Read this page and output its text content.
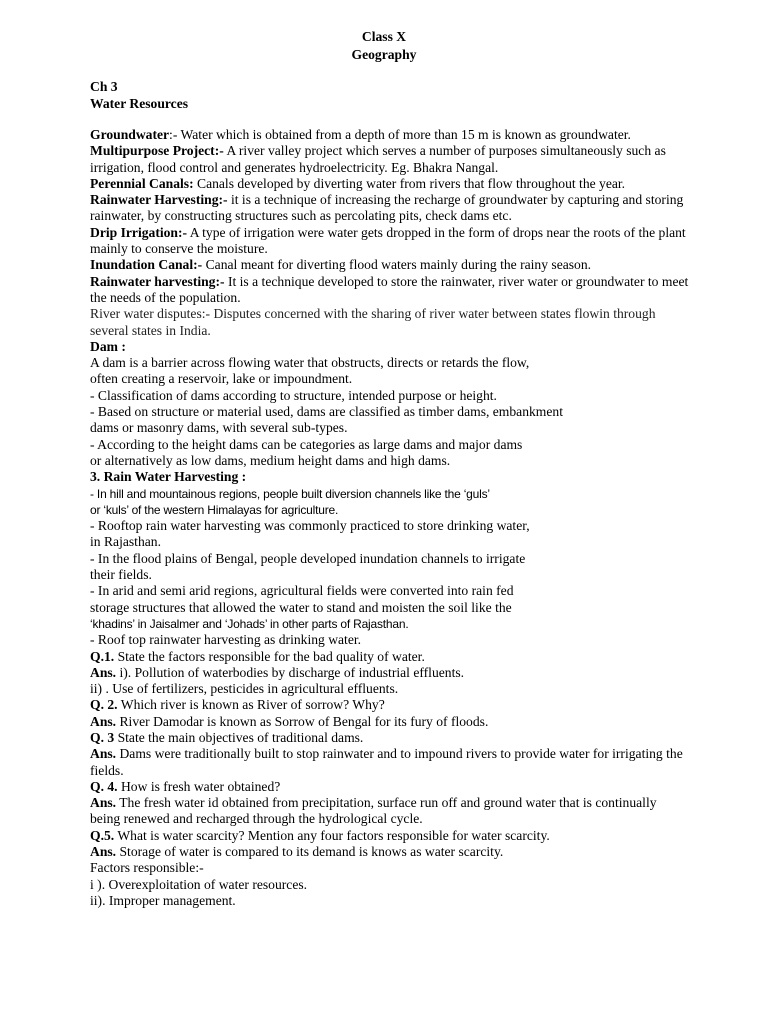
Class X
Geography
Ch 3
Water Resources

Groundwater:- Water which is obtained from a depth of more than 15 m is known as groundwater.

Multipurpose Project:- A river valley project which serves a number of purposes simultaneously such as irrigation, flood control and generates hydroelectricity. Eg. Bhakra Nangal.

Perennial Canals: Canals developed by diverting water from rivers that flow throughout the year.

Rainwater Harvesting:- it is a technique of increasing the recharge of groundwater by capturing and storing rainwater, by constructing structures such as percolating pits, check dams etc.

Drip Irrigation:- A type of irrigation were water gets dropped in the form of drops near the roots of the plant mainly to conserve the moisture.

Inundation Canal:- Canal meant for diverting flood waters mainly during the rainy season.

Rainwater harvesting:- It is a technique developed to store the rainwater, river water or groundwater to meet the needs of the population.

River water disputes:- Disputes concerned with the sharing of river water between states flowin through several states in India.

Dam :

A dam is a barrier across flowing water that obstructs, directs or retards the flow,
often creating a reservoir, lake or impoundment.
- Classification of dams according to structure, intended purpose or height.
- Based on structure or material used, dams are classified as timber dams, embankment
dams or masonry dams, with several sub-types.
- According to the height dams can be categories as large dams and major dams
or alternatively as low dams, medium height dams and high dams.

3. Rain Water Harvesting :

- In hill and mountainous regions, people built diversion channels like the ‘guls’
or ‘kuls’ of the western Himalayas for agriculture.
- Rooftop rain water harvesting was commonly practiced to store drinking water,
in Rajasthan.
- In the flood plains of Bengal, people developed inundation channels to irrigate
their fields.
- In arid and semi arid regions, agricultural fields were converted into rain fed
storage structures that allowed the water to stand and moisten the soil like the
‘khadins’ in Jaisalmer and ‘Johads’ in other parts of Rajasthan.
- Roof top rainwater harvesting as drinking water.

Q.1. State the factors responsible for the bad quality of water.

Ans. i). Pollution of waterbodies by discharge of industrial effluents.

ii) . Use of fertilizers, pesticides in agricultural effluents.

Q. 2. Which river is known as River of sorrow? Why?

Ans. River Damodar is known as Sorrow of Bengal for its fury of floods.

Q. 3 State the main objectives of traditional dams.

Ans. Dams were traditionally built to stop rainwater and to impound rivers to provide water for irrigating the fields.

Q. 4. How is fresh water obtained?

Ans. The fresh water id obtained from precipitation, surface run off and ground water that is continually being renewed and recharged through the hydrological cycle.

Q.5. What is water scarcity? Mention any four factors responsible for water scarcity.

Ans. Storage of water is compared to its demand is knows as water scarcity.

Factors responsible:-

i ). Overexploitation of water resources.

ii). Improper management.
